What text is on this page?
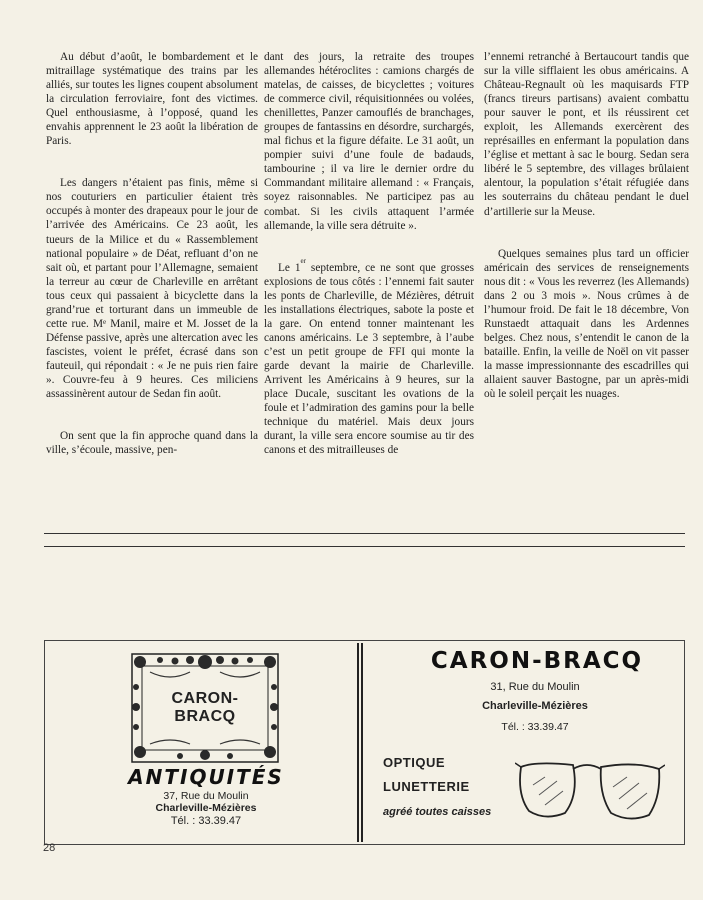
Au début d’août, le bombardement et le mitraillage systématique des trains par les alliés, sur toutes les lignes coupent absolument la circulation ferroviaire, font des victimes. Quel enthousiasme, à l’opposé, quand les envahis apprennent le 23 août la libération de Paris.

Les dangers n’étaient pas finis, même si nos couturiers en particulier étaient très occupés à monter des drapeaux pour le jour de l’arrivée des Américains. Ce 23 août, les tueurs de la Milice et du « Rassemblement national populaire » de Déat, refluant d’on ne sait où, et partant pour l’Allemagne, semaient la terreur au cœur de Charleville en arrêtant tous ceux qui passaient à bicyclette dans la grand’rue et torturant dans un immeuble de cette rue. Mᵉ Manil, maire et M. Josset de la Défense passive, après une altercation avec les fascistes, voient le préfet, écrasé dans son fauteuil, qui répondait : « Je ne puis rien faire ». Couvre-feu à 9 heures. Ces miliciens assassinèrent autour de Sedan fin août.

On sent que la fin approche quand dans la ville, s’écoule, massive, pen-

dant des jours, la retraite des troupes allemandes hétéroclites : camions chargés de matelas, de caisses, de bicyclettes ; voitures de commerce civil, réquisitionnées ou volées, chenillettes, Panzer camouflés de branchages, groupes de fantassins en désordre, surchargés, mal fichus et la figure défaite. Le 31 août, un pompier suivi d’une foule de badauds, tambourine ; il va lire le dernier ordre du Commandant militaire allemand : « Français, soyez raisonnables. Ne participez pas au combat. Si les civils attaquent l’armée allemande, la ville sera détruite ».

Le 1er septembre, ce ne sont que grosses explosions de tous côtés : l’ennemi fait sauter les ponts de Charleville, de Mézières, détruit les installations électriques, sabote la poste et la gare. On entend tonner maintenant les canons américains. Le 3 septembre, à l’aube c’est un petit groupe de FFI qui monte la garde devant la mairie de Charleville. Arrivent les Américains à 9 heures, sur la place Ducale, suscitant les ovations de la foule et l’admiration des gamins pour la belle technique du matériel. Mais deux jours durant, la ville sera encore soumise au tir des canons et des mitrailleuses de

l’ennemi retranché à Bertaucourt tandis que sur la ville sifflaient les obus américains. A Château-Regnault où les maquisards FTP (francs tireurs partisans) avaient combattu pour sauver le pont, et ils réussirent cet exploit, les Allemands exercèrent des représailles en enfermant la population dans l’église et mettant à sac le bourg. Sedan sera libéré le 5 septembre, des villages brûlaient alentour, la population s’était réfugiée dans les souterrains du château pendant le duel d’artillerie sur la Meuse.

Quelques semaines plus tard un officier américain des services de renseignements nous dit : « Vous les reverrez (les Allemands) dans 2 ou 3 mois ». Nous crûmes à de l’humour froid. De fait le 18 décembre, Von Runstaedt attaquait dans les Ardennes belges. Chez nous, s’entendit le canon de la bataille. Enfin, la veille de Noël on vit passer la masse impressionnante des escadrilles qui allaient sauver Bastogne, par un après-midi où le soleil perçait les nuages.

CARON-BRACQ
ANTIQUITÉS
37, Rue du Moulin
Charleville-Mézières
Tél. : 33.39.47
CARON-BRACQ
31, Rue du Moulin
Charleville-Mézières
Tél. : 33.39.47
OPTIQUE
LUNETTERIE
agréé toutes caisses
28
